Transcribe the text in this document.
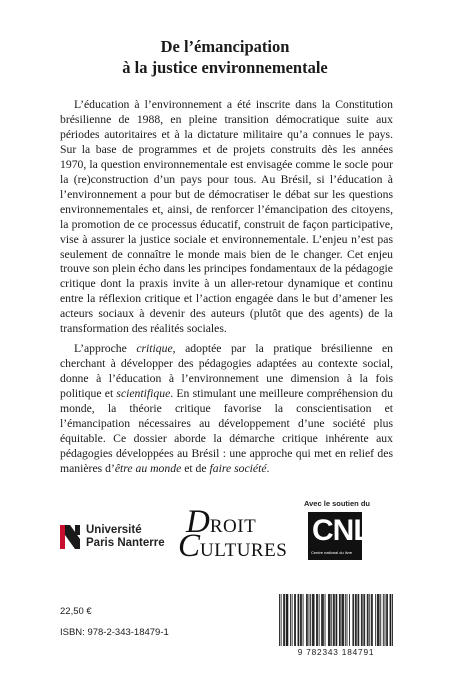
De l’émancipation
à la justice environnementale

L’éducation à l’environnement a été inscrite dans la Constitution brésilienne de 1988, en pleine transition démocratique suite aux périodes autoritaires et à la dictature militaire qu’a connues le pays. Sur la base de programmes et de projets construits dès les années 1970, la question environnementale est envisagée comme le socle pour la (re)construction d’un pays pour tous. Au Brésil, si l’éducation à l’environnement a pour but de démocratiser le débat sur les questions environnementales et, ainsi, de renforcer l’émancipation des citoyens, la promotion de ce processus éducatif, construit de façon participative, vise à assurer la justice sociale et environnementale. L’enjeu n’est pas seulement de connaître le monde mais bien de le changer. Cet enjeu trouve son plein écho dans les principes fondamentaux de la pédagogie critique dont la praxis invite à un aller-retour dynamique et continu entre la réflexion critique et l’action engagée dans le but d’amener les acteurs sociaux à devenir des auteurs (plutôt que des agents) de la transformation des réalités sociales.

L’approche critique, adoptée par la pratique brésilienne en cherchant à développer des pédagogies adaptées au contexte social, donne à l’éducation à l’environnement une dimension à la fois politique et scientifique. En stimulant une meilleure compréhension du monde, la théorie critique favorise la conscientisation et l’émancipation nécessaires au développement d’une société plus équitable. Ce dossier aborde la démarche critique inhérente aux pédagogies développées au Brésil : une approche qui met en relief des manières d’être au monde et de faire société.

Université
Paris Nanterre
DROIT
CULTURES
Avec le soutien du
CNL
Centre national du livre
22,50 €
ISBN: 978-2-343-18479-1
9 782343 184791
